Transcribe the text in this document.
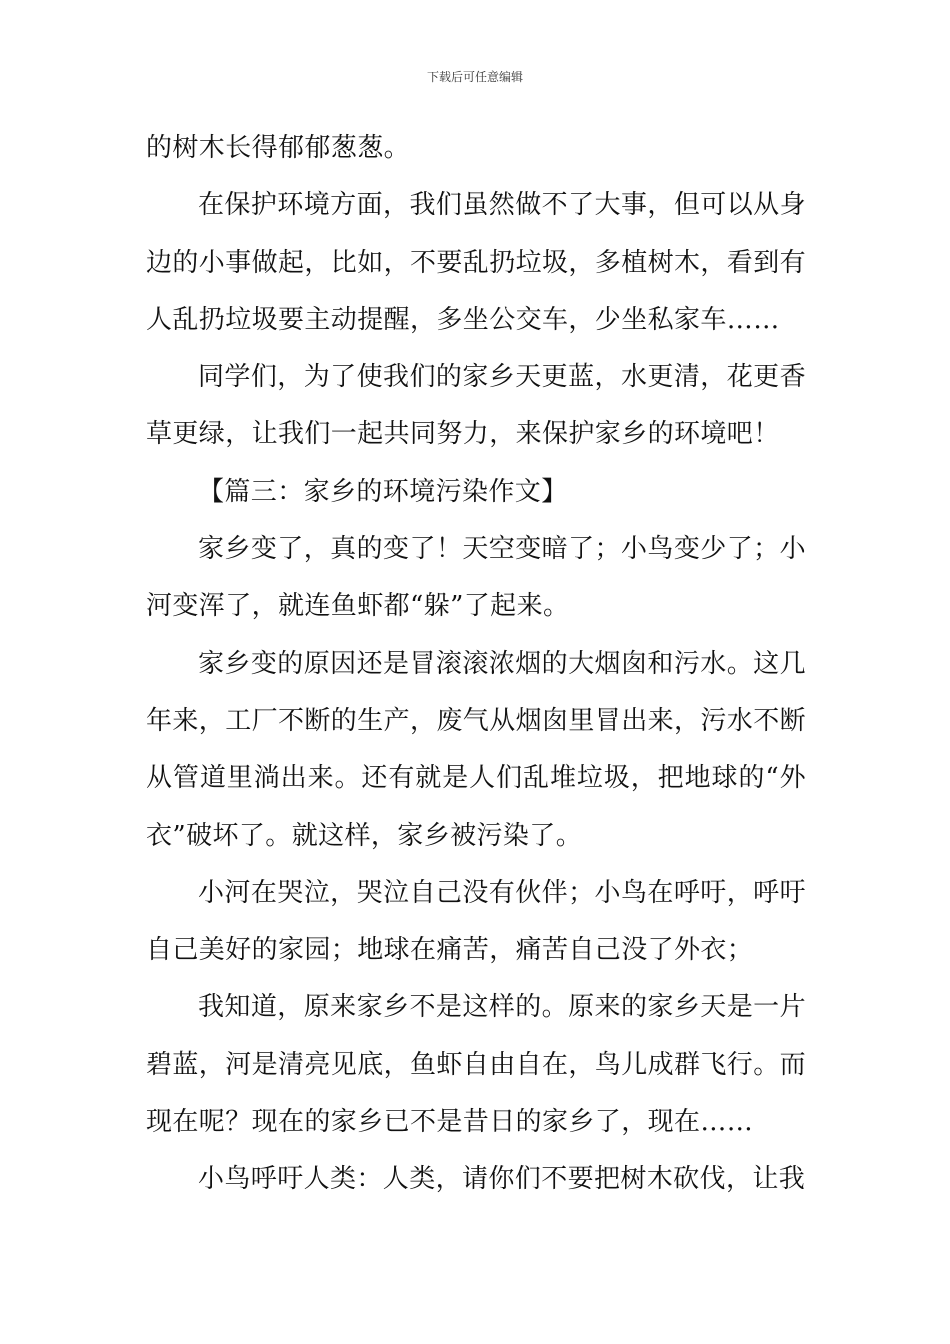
下载后可任意编辑

的树木长得郁郁葱葱。

在保护环境方面，我们虽然做不了大事，但可以从身边的小事做起，比如，不要乱扔垃圾，多植树木，看到有人乱扔垃圾要主动提醒，多坐公交车，少坐私家车……

同学们，为了使我们的家乡天更蓝，水更清，花更香草更绿，让我们一起共同努力，来保护家乡的环境吧！

【篇三：家乡的环境污染作文】

家乡变了，真的变了！天空变暗了；小鸟变少了；小河变浑了，就连鱼虾都“躲”了起来。

家乡变的原因还是冒滚滚浓烟的大烟囱和污水。这几年来，工厂不断的生产，废气从烟囱里冒出来，污水不断从管道里淌出来。还有就是人们乱堆垃圾，把地球的“外衣”破坏了。就这样，家乡被污染了。

小河在哭泣，哭泣自己没有伙伴；小鸟在呼吁，呼吁自己美好的家园；地球在痛苦，痛苦自己没了外衣；

我知道，原来家乡不是这样的。原来的家乡天是一片碧蓝，河是清亮见底，鱼虾自由自在，鸟儿成群飞行。而现在呢？现在的家乡已不是昔日的家乡了，现在……

小鸟呼吁人类：人类，请你们不要把树木砍伐，让我
